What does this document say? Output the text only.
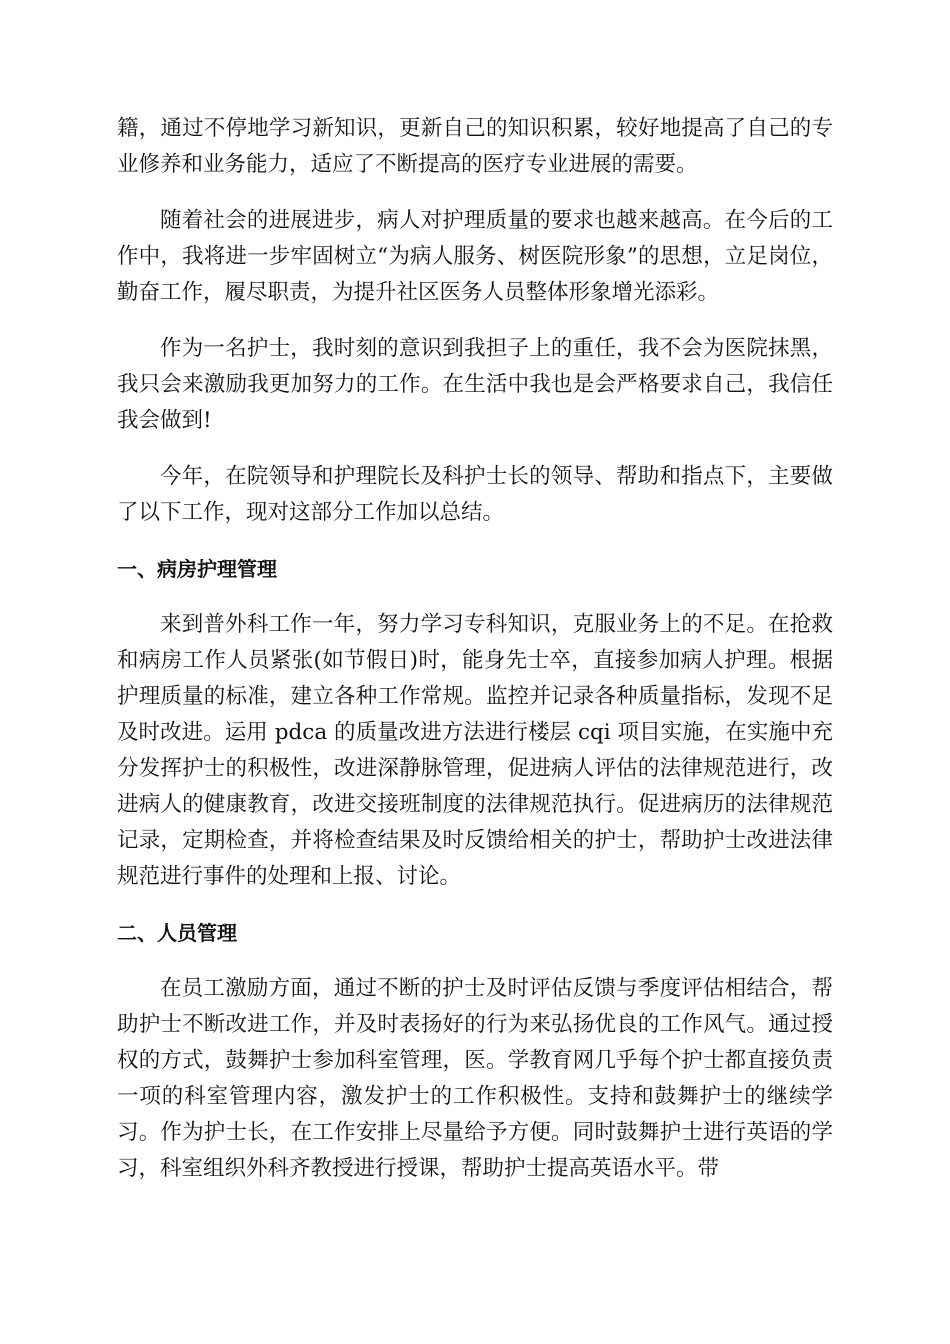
籍，通过不停地学习新知识，更新自己的知识积累，较好地提高了自己的专业修养和业务能力，适应了不断提高的医疗专业进展的需要。

随着社会的进展进步，病人对护理质量的要求也越来越高。在今后的工作中，我将进一步牢固树立“为病人服务、树医院形象”的思想，立足岗位，勤奋工作，履尽职责，为提升社区医务人员整体形象增光添彩。

作为一名护士，我时刻的意识到我担子上的重任，我不会为医院抹黑，我只会来激励我更加努力的工作。在生活中我也是会严格要求自己，我信任我会做到!

今年，在院领导和护理院长及科护士长的领导、帮助和指点下，主要做了以下工作，现对这部分工作加以总结。

一、病房护理管理

来到普外科工作一年，努力学习专科知识，克服业务上的不足。在抢救和病房工作人员紧张(如节假日)时，能身先士卒，直接参加病人护理。根据护理质量的标准，建立各种工作常规。监控并记录各种质量指标，发现不足及时改进。运用 pdca 的质量改进方法进行楼层 cqi 项目实施，在实施中充分发挥护士的积极性，改进深静脉管理，促进病人评估的法律规范进行，改进病人的健康教育，改进交接班制度的法律规范执行。促进病历的法律规范记录，定期检查，并将检查结果及时反馈给相关的护士，帮助护士改进法律规范进行事件的处理和上报、讨论。

二、人员管理

在员工激励方面，通过不断的护士及时评估反馈与季度评估相结合，帮助护士不断改进工作，并及时表扬好的行为来弘扬优良的工作风气。通过授权的方式，鼓舞护士参加科室管理，医。学教育网几乎每个护士都直接负责一项的科室管理内容，激发护士的工作积极性。支持和鼓舞护士的继续学习。作为护士长，在工作安排上尽量给予方便。同时鼓舞护士进行英语的学习，科室组织外科齐教授进行授课，帮助护士提高英语水平。带
